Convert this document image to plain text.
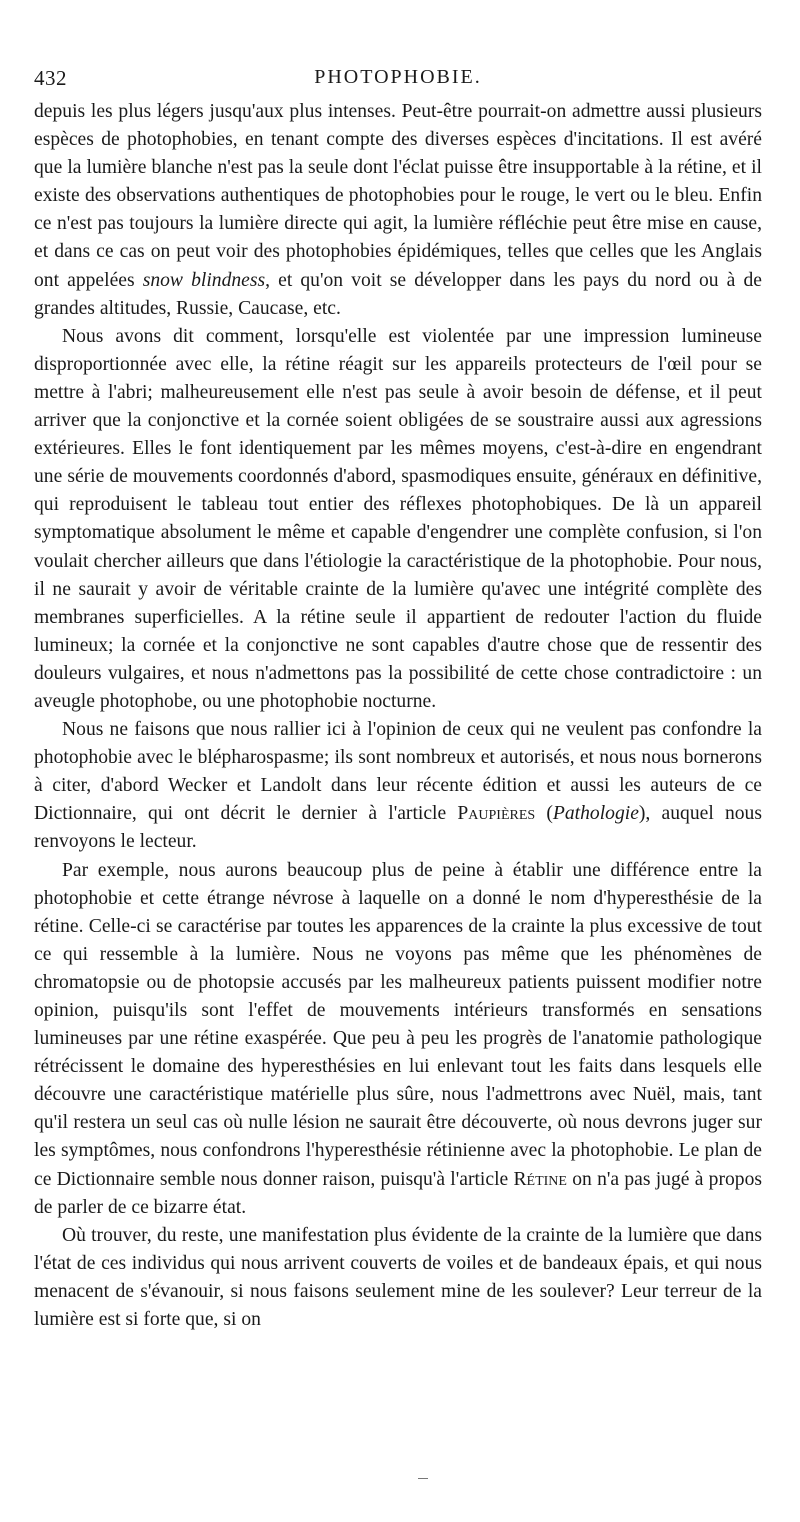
432	PHOTOPHOBIE.

depuis les plus légers jusqu'aux plus intenses. Peut-être pourrait-on admettre aussi plusieurs espèces de photophobies, en tenant compte des diverses espèces d'incitations. Il est avéré que la lumière blanche n'est pas la seule dont l'éclat puisse être insupportable à la rétine, et il existe des observations authentiques de photophobies pour le rouge, le vert ou le bleu. Enfin ce n'est pas toujours la lumière directe qui agit, la lumière réfléchie peut être mise en cause, et dans ce cas on peut voir des photophobies épidémiques, telles que celles que les Anglais ont appelées snow blindness, et qu'on voit se développer dans les pays du nord ou à de grandes altitudes, Russie, Caucase, etc.

Nous avons dit comment, lorsqu'elle est violentée par une impression lumineuse disproportionnée avec elle, la rétine réagit sur les appareils protecteurs de l'œil pour se mettre à l'abri; malheureusement elle n'est pas seule à avoir besoin de défense, et il peut arriver que la conjonctive et la cornée soient obligées de se soustraire aussi aux agressions extérieures. Elles le font identiquement par les mêmes moyens, c'est-à-dire en engendrant une série de mouvements coordonnés d'abord, spasmodiques ensuite, généraux en définitive, qui reproduisent le tableau tout entier des réflexes photophobiques. De là un appareil symptomatique absolument le même et capable d'engendrer une complète confusion, si l'on voulait chercher ailleurs que dans l'étiologie la caractéristique de la photophobie. Pour nous, il ne saurait y avoir de véritable crainte de la lumière qu'avec une intégrité complète des membranes superficielles. A la rétine seule il appartient de redouter l'action du fluide lumineux; la cornée et la conjonctive ne sont capables d'autre chose que de ressentir des douleurs vulgaires, et nous n'admettons pas la possibilité de cette chose contradictoire : un aveugle photophobe, ou une photophobie nocturne.

Nous ne faisons que nous rallier ici à l'opinion de ceux qui ne veulent pas confondre la photophobie avec le blépharospasme; ils sont nombreux et autorisés, et nous nous bornerons à citer, d'abord Wecker et Landolt dans leur récente édition et aussi les auteurs de ce Dictionnaire, qui ont décrit le dernier à l'article Paupières (Pathologie), auquel nous renvoyons le lecteur.

Par exemple, nous aurons beaucoup plus de peine à établir une différence entre la photophobie et cette étrange névrose à laquelle on a donné le nom d'hyperesthésie de la rétine. Celle-ci se caractérise par toutes les apparences de la crainte la plus excessive de tout ce qui ressemble à la lumière. Nous ne voyons pas même que les phénomènes de chromatopsie ou de photopsie accusés par les malheureux patients puissent modifier notre opinion, puisqu'ils sont l'effet de mouvements intérieurs transformés en sensations lumineuses par une rétine exaspérée. Que peu à peu les progrès de l'anatomie pathologique rétrécissent le domaine des hyperesthésies en lui enlevant tout les faits dans lesquels elle découvre une caractéristique matérielle plus sûre, nous l'admettrons avec Nuël, mais, tant qu'il restera un seul cas où nulle lésion ne saurait être découverte, où nous devrons juger sur les symptômes, nous confondrons l'hyperesthésie rétinienne avec la photophobie. Le plan de ce Dictionnaire semble nous donner raison, puisqu'à l'article Rétine on n'a pas jugé à propos de parler de ce bizarre état.

Où trouver, du reste, une manifestation plus évidente de la crainte de la lumière que dans l'état de ces individus qui nous arrivent couverts de voiles et de bandeaux épais, et qui nous menacent de s'évanouir, si nous faisons seulement mine de les soulever? Leur terreur de la lumière est si forte que, si on
